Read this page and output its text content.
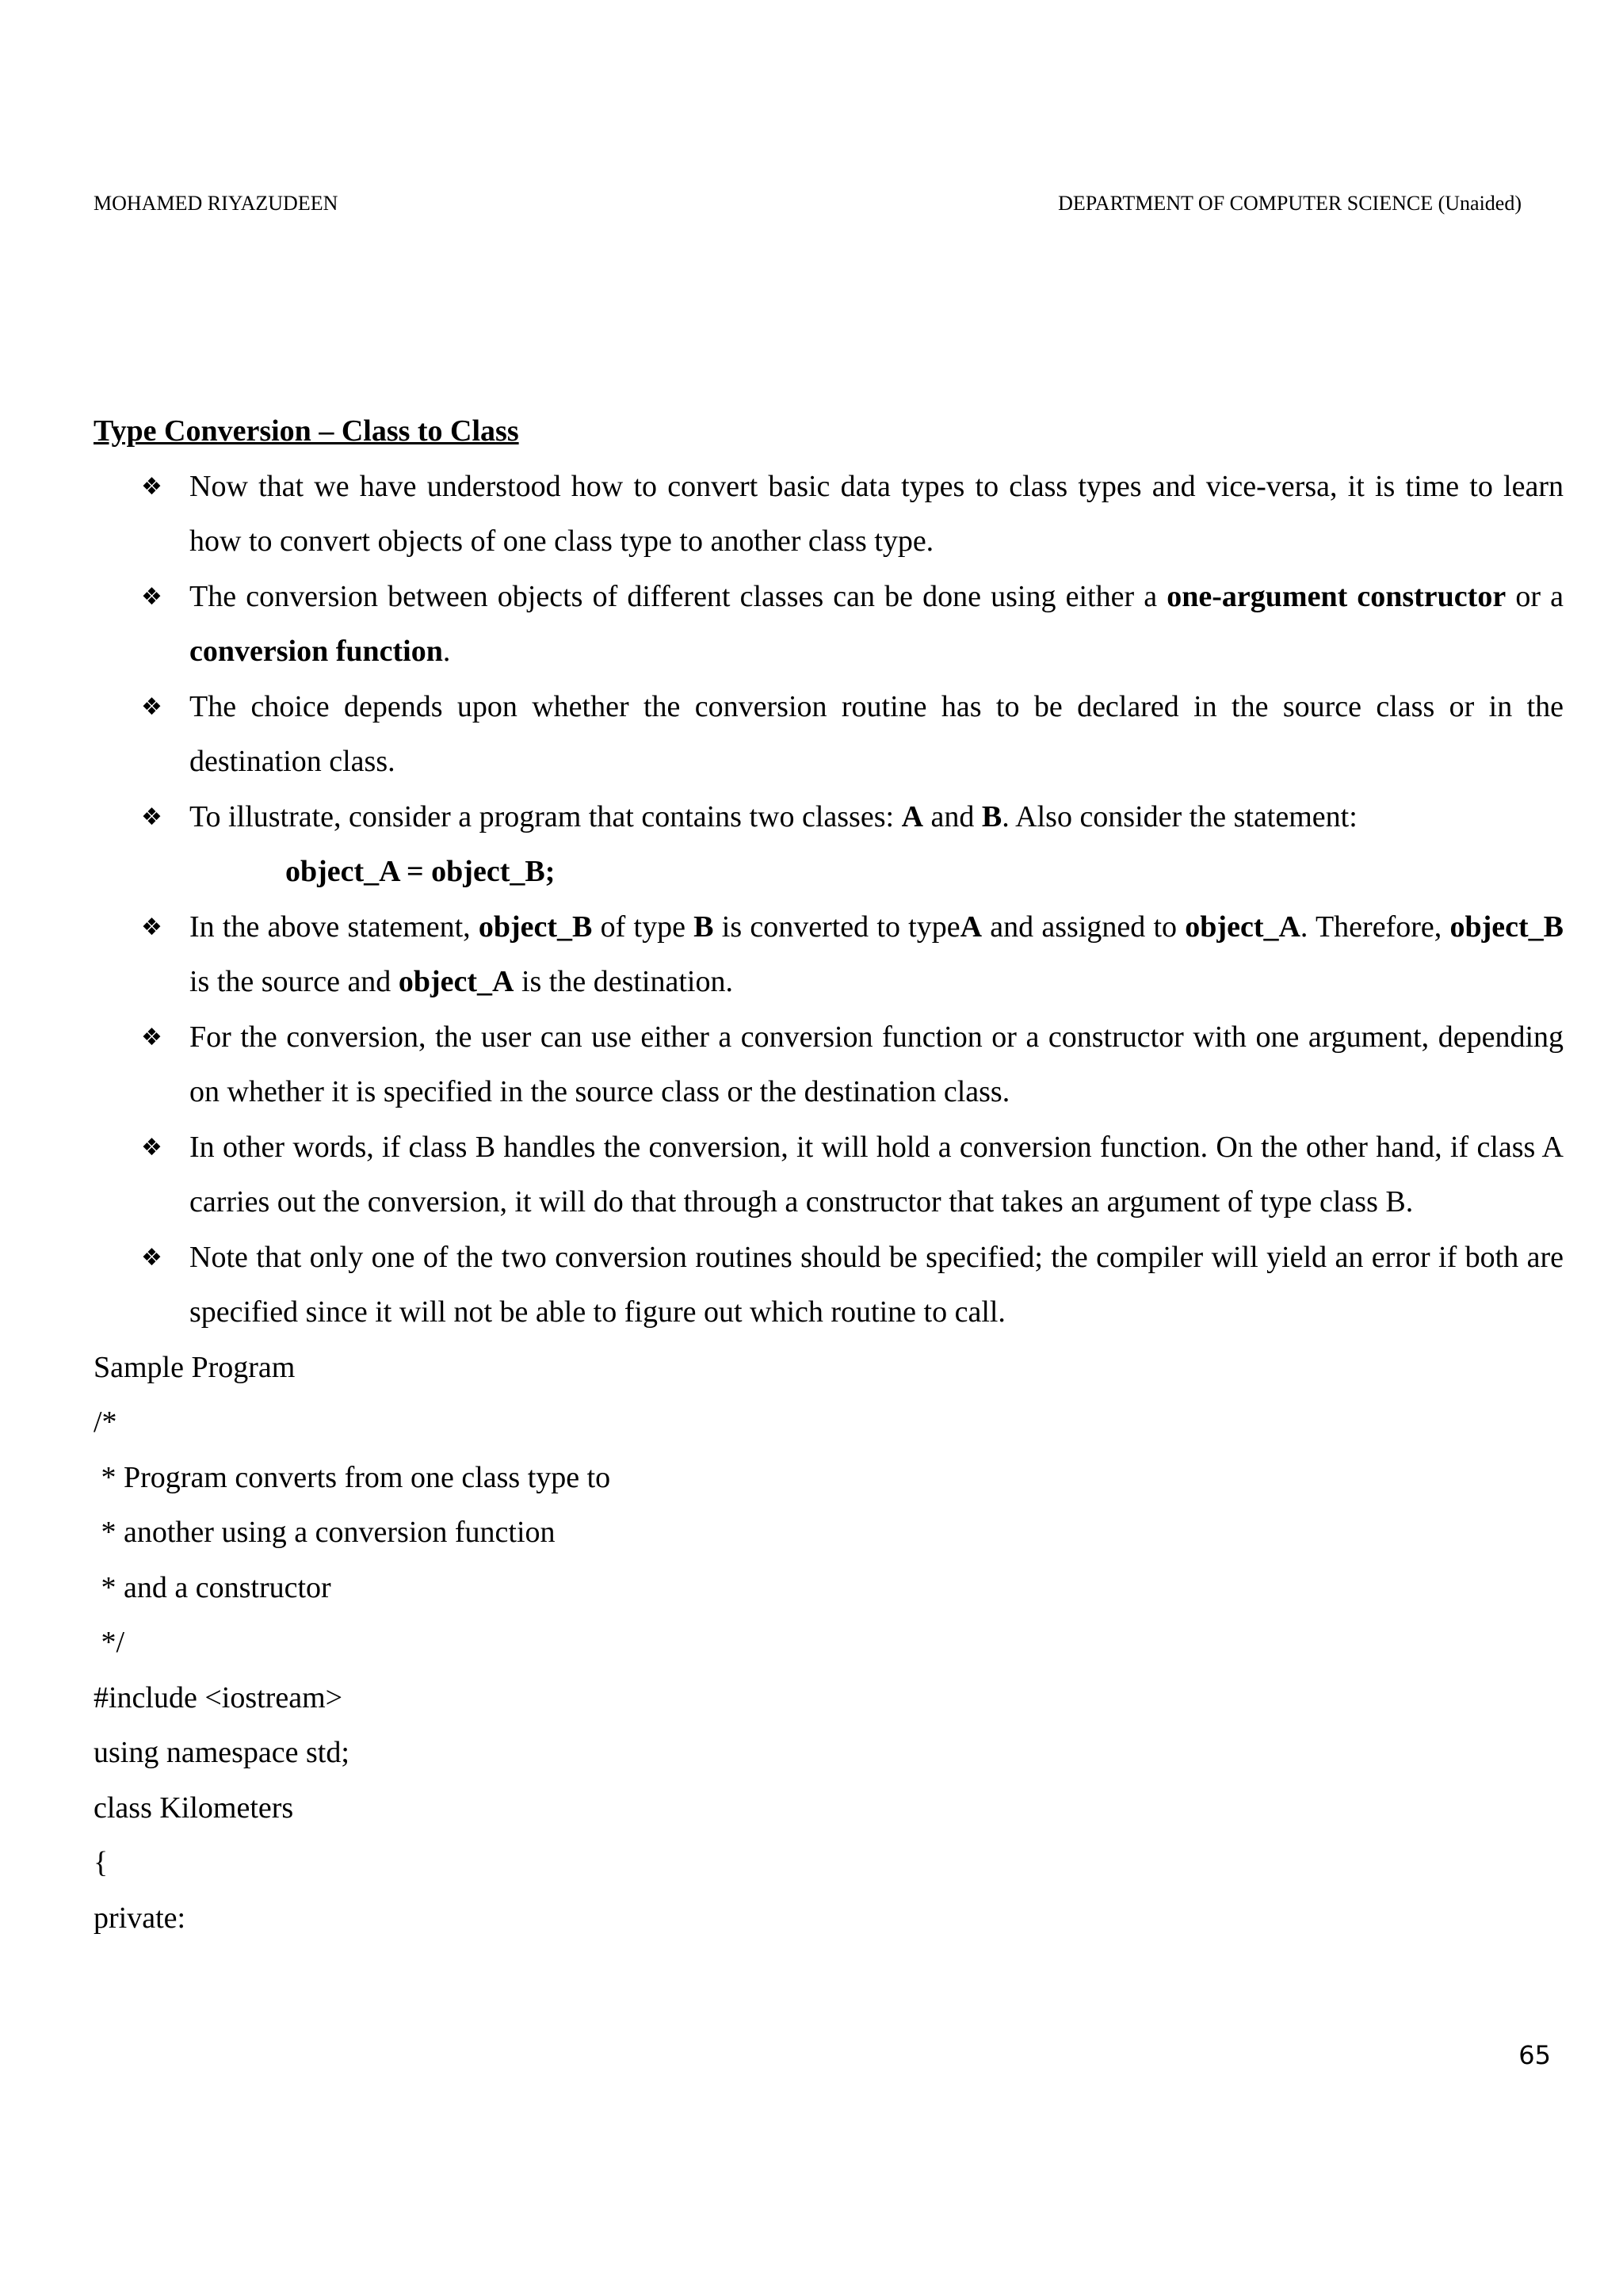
MOHAMED RIYAZUDEEN	DEPARTMENT OF COMPUTER SCIENCE (Unaided)
Type Conversion – Class to Class
❖ Now that we have understood how to convert basic data types to class types and vice-versa, it is time to learn how to convert objects of one class type to another class type.
❖ The conversion between objects of different classes can be done using either a one-argument constructor or a conversion function.
❖ The choice depends upon whether the conversion routine has to be declared in the source class or in the destination class.
❖ To illustrate, consider a program that contains two classes: A and B. Also consider the statement:
object_A = object_B;
❖ In the above statement, object_B of type B is converted to typeA and assigned to object_A. Therefore, object_B is the source and object_A is the destination.
❖ For the conversion, the user can use either a conversion function or a constructor with one argument, depending on whether it is specified in the source class or the destination class.
❖ In other words, if class B handles the conversion, it will hold a conversion function. On the other hand, if class A carries out the conversion, it will do that through a constructor that takes an argument of type class B.
❖ Note that only one of the two conversion routines should be specified; the compiler will yield an error if both are specified since it will not be able to figure out which routine to call.
Sample Program
/*
* Program converts from one class type to
* another using a conversion function
* and a constructor
*/
#include <iostream>
using namespace std;
class Kilometers
{
private:
65
